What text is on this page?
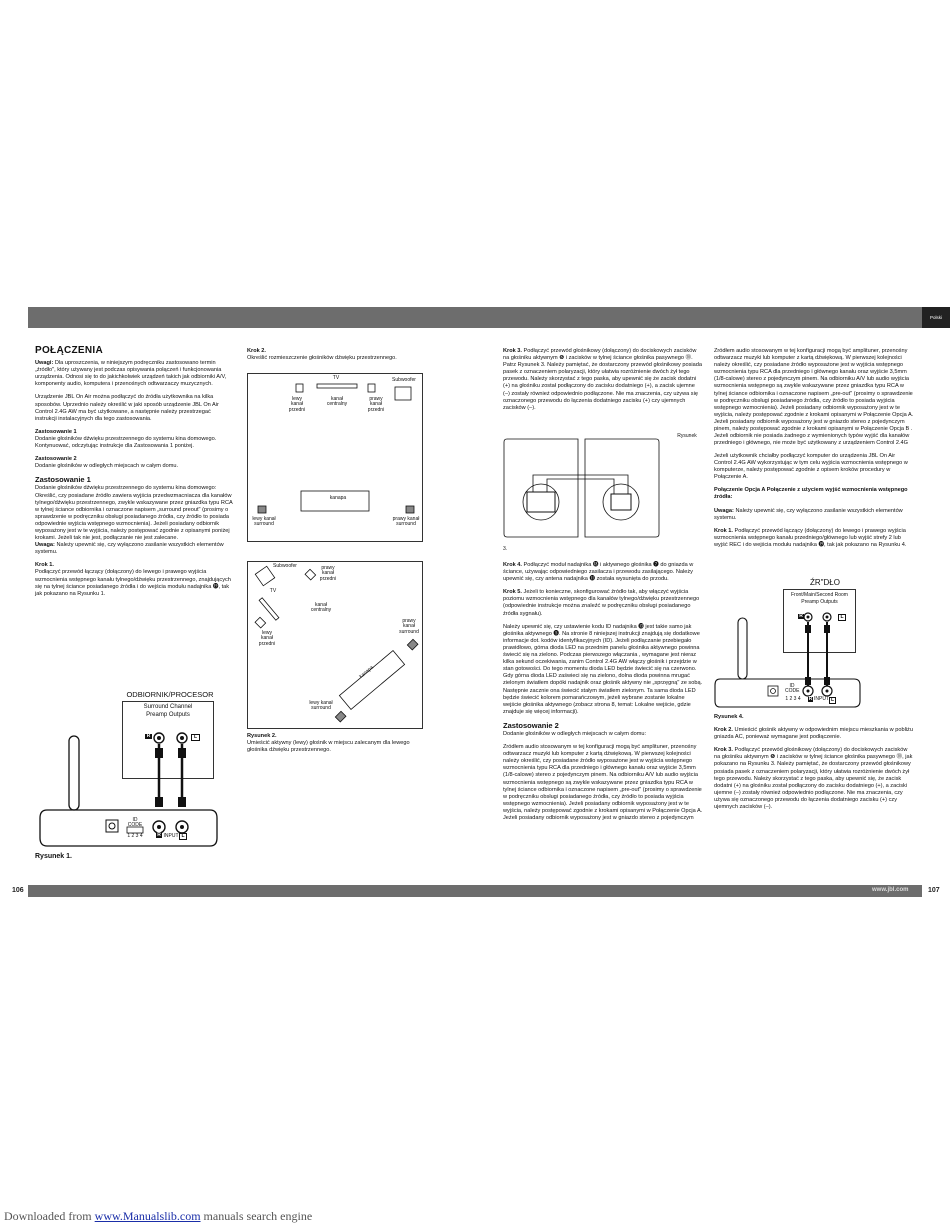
Polski
POŁĄCZENIA

Uwagi: Dla uproszczenia, w niniejszym podręczniku zastosowano termin „źródło", który używany jest podczas opisywania połączeń i funkcjonowania urządzenia. Odnosi się to do jakichkolwiek urządzeń takich jak odbiorniki A/V, komponenty audio, komputera i przenośnych odtwarzaczy muzycznych.

Urządzenie JBL On Air można podłączyć do źródła użytkownika na kilka sposobów. Uprzednio należy określić w jaki sposób urządzenie JBL On Air Control 2.4G AW ma być użytkowane, a następnie należy przestrzegać instrukcji instalacyjnych dla tego zastosowania.

Zastosowanie 1

Dodanie głośników dźwięku przestrzennego do systemu kina domowego. Kontynuować, odczytując instrukcje dla Zastosowania 1 poniżej.

Zastosowanie 2

Dodanie głośników w odległych miejscach w całym domu.

Zastosowanie 1

Dodanie głośników dźwięku przestrzennego do systemu kina domowego: Określić, czy posiadane źródło zawiera wyjścia przedwzmacniacza dla kanałów tylnego/dźwięku przestrzennego, zwykle wskazywane przez gniazdka typu RCA w tylnej ściance odbiornika i oznaczone napisem „surround preout" (prosimy o sprawdzenie w podręczniku obsługi posiadanego źródła, czy źródło to posiada odpowiednie wyjścia wstępnego wzmocnienia). Jeżeli posiadany odbiornik wyposażony jest w te wyjścia, należy postępować zgodnie z opisanymi poniżej krokami. Jeżeli tak nie jest, podłączanie nie jest zalecane.

Uwaga: Należy upewnić się, czy wyłączono zasilanie wszystkich elementów systemu.

Krok 1.

Podłączyć przewód łączący (dołączony) do lewego i prawego wyjścia wzmocnienia wstępnego kanału tylnego/dźwięku przestrzennego, znajdujących się na tylnej ściance posiadanego źródła i do wejścia modułu nadajnika ⓳, tak jak pokazano na Rysunku 1.

ODBIORNIK/PROCESOR
Surround Channel
Preamp Outputs
R	L
ID
CODE
1 2 3 4	R INPUT L
Rysunek 1.

Krok 2.

Określić rozmieszczenie głośników dźwięku przestrzennego.

TV	Subwoofer
lewy kanał przedni
kanał centralny
prawy kanał przedni
kanapa
lewy kanał surround
prawy kanał surround
Subwoofer	prawy kanał przedni
TV
kanał centralny
lewy kanał przedni
prawy kanał surround
kanapa
lewy kanał surround

Rysunek 2.

Umieścić aktywny (lewy) głośnik w miejscu zalecanym dla lewego głośnika dźwięku przestrzennego.

Krok 3. Podłączyć przewód głośnikowy (dołączony) do dociskowych zacisków na głośniku aktywnym ❻ i zacisków w tylnej ściance głośnika pasywnego ⓾. Patrz Rysunek 3. Należy pamiętać, że dostarczony przewód głośnikowy posiada pasek z oznaczeniem polaryzacji, który ułatwia rozróżnienie dwóch żył tego przewodu. Należy skorzystać z tego paska, aby upewnić się że zacisk dodatni (+) na głośniku został podłączony do zacisku dodatniego (+), a zacisk ujemne (–) zostały również odpowiednio podłączone. Nie ma znaczenia, czy używa się oznaczonego przewodu do łączenia dodatniego zacisku (+) czy ujemnych zacisków (–).

Rysunek
3.

Krok 4. Podłączyć moduł nadajnika ⓲ i aktywnego głośnika ❼ do gniazda w ściance, używając odpowiedniego zasilacza i przewodu zasilającego. Należy upewnić się, czy antena nadajnika ⓫ została wysunięta do przodu.

Krok 5. Jeżeli to konieczne, skonfigurować źródło tak, aby włączyć wyjścia poziomu wzmocnienia wstępnego dla kanałów tylnego/dźwięku przestrzennego (odpowiednie instrukcje można znaleźć w podręczniku obsługi posiadanego źródła sygnału).

Należy upewnić się, czy ustawienie kodu ID nadajnika ⓭ jest takie samo jak głośnika aktywnego ❺. Na stronie 8 niniejszej instrukcji znajdują się dodatkowe informacje dot. kodów identyfikacyjnych (ID). Jeżeli podłączanie przebiegało prawidłowo, górna dioda LED na przednim panelu głośnika aktywnego powinna świecić się na zielono. Podczas pierwszego włączania , wymagane jest nieraz kilka sekund oczekiwania, zanim Control 2.4G AW włączy głośnik i przejdzie w stan gotowości. Do tego momentu dioda LED będzie świecić się na czerwono. Gdy górna dioda LED zaświeci się na zielono, dolna dioda powinna mrugać zielonym światłem dopóki nadajnik oraz głośnik aktywny nie „sprzęgną" ze sobą. Następnie zacznie ona świecić stałym światłem zielonym. Ta sama dioda LED będzie świecić kolorem pomarańczowym, jeżeli wybrane zostanie lokalne wejście głośnika aktywnego (zobacz strona 8, temat: Lokalne wejście, gdzie znajduje się więcej informacji).

Zastosowanie 2

Dodanie głośników w odległych miejscach w całym domu:

Źródłem audio stosowanym w tej konfiguracji mogą być amplituner, przenośny odtwarzacz muzyki lub komputer z kartą dźwiękową. W pierwszej kolejności należy określić, czy posiadane źródło wyposażone jest w wyjścia wstępnego wzmocnienia typu RCA dla przedniego i głównego kanału oraz wyjście 3,5mm (1/8-calowe) stereo z pojedynczym pinem. Na odbiorniku A/V lub audio wyjścia wzmocnienia wstępnego są zwykle wskazywane przez gniazdka typu RCA w tylnej ściance odbiornika i oznaczone napisem „pre-out" (prosimy o sprawdzenie w podręczniku obsługi posiadanego źródła, czy źródło to posiada wyjścia wstępnego wzmocnienia). Jeżeli posiadany odbiornik wyposażony jest w te wyjścia, należy postępować zgodnie z krokami opisanymi w Połączenie Opcja A. Jeżeli posiadany odbiornik wyposażony jest w gniazdo stereo z pojedynczym

Źródłem audio stosowanym w tej konfiguracji mogą być amplituner, przenośny odtwarzacz muzyki lub komputer z kartą dźwiękową. W pierwszej kolejności należy określić, czy posiadane źródło wyposażone jest w wyjścia wstępnego wzmocnienia typu RCA dla przedniego i głównego kanału oraz wyjście 3,5mm (1/8-calowe) stereo z pojedynczym pinem. Na odbiorniku A/V lub audio wyjścia wzmocnienia wstępnego są zwykle wskazywane przez gniazdka typu RCA w tylnej ściance odbiornika i oznaczone napisem „pre-out" (prosimy o sprawdzenie w podręczniku obsługi posiadanego źródła, czy źródło to posiada wyjścia wstępnego wzmocnienia). Jeżeli posiadany odbiornik wyposażony jest w te wyjścia, należy postępować zgodnie z krokami opisanymi w Połączenie Opcja A. Jeżeli posiadany odbiornik wyposażony jest w gniazdo stereo z pojedynczym pinem, należy postępować zgodnie z krokami opisanymi w Połączenie Opcja B . Jeżeli odbiornik nie posiada żadnego z wymienionych typów wyjść dla kanałów przedniego i głównego, nie może być użytkowany z urządzeniem Control 2.4G

Jeżeli użytkownik chciałby podłączyć komputer do urządzenia JBL On Air Control 2.4G AW wykorzystując w tym celu wyjścia wzmocnienia wstępnego w komputerze, należy postępować zgodnie z opisem kroków procedury w Połączenie A.

Połączenie Opcja A Połączenie z użyciem wyjść wzmocnienia wstępnego źródła:

Uwaga: Należy upewnić się, czy wyłączono zasilanie wszystkich elementów systemu.

Krok 1. Podłączyć przewód łączący (dołączony) do lewego i prawego wyjścia wzmocnienia wstępnego kanału przedniego/głównego lub wyjść strefy 2 lub wyjść REC i do wejścia modułu nadajnika ⓳, tak jak pokazano na Rysunku 4.

ŹR"DŁO
Front/Main/Second Room
Preamp Outputs
R	L
ID
CODE
1 2 3 4 R INPUT L

Rysunek 4.

Krok 2. Umieścić głośnik aktywny w odpowiednim miejscu mieszkania w pobliżu gniazda AC, ponieważ wymagane jest podłączenie.

Krok 3. Podłączyć przewód głośnikowy (dołączony) do dociskowych zacisków na głośniku aktywnym ❻ i zacisków w tylnej ściance głośnika pasywnego ⓾, jak pokazano na Rysunku 3. Należy pamiętać, że dostarczony przewód głośnikowy posiada pasek z oznaczeniem polaryzacji, który ułatwia rozróżnienie dwóch żył tego przewodu. Należy skorzystać z tego paska, aby upewnić się, że zacisk dodatni (+) na głośniku został podłączony do zacisku dodatniego (+), a zaciski ujemne (–) zostały również odpowiednio podłączone. Nie ma znaczenia, czy używa się oznaczonego przewodu do łączenia dodatniego zacisku (+) czy ujemnych zacisków (–).

106	www.jbl.com	107
Downloaded from www.Manualslib.com manuals search engine
